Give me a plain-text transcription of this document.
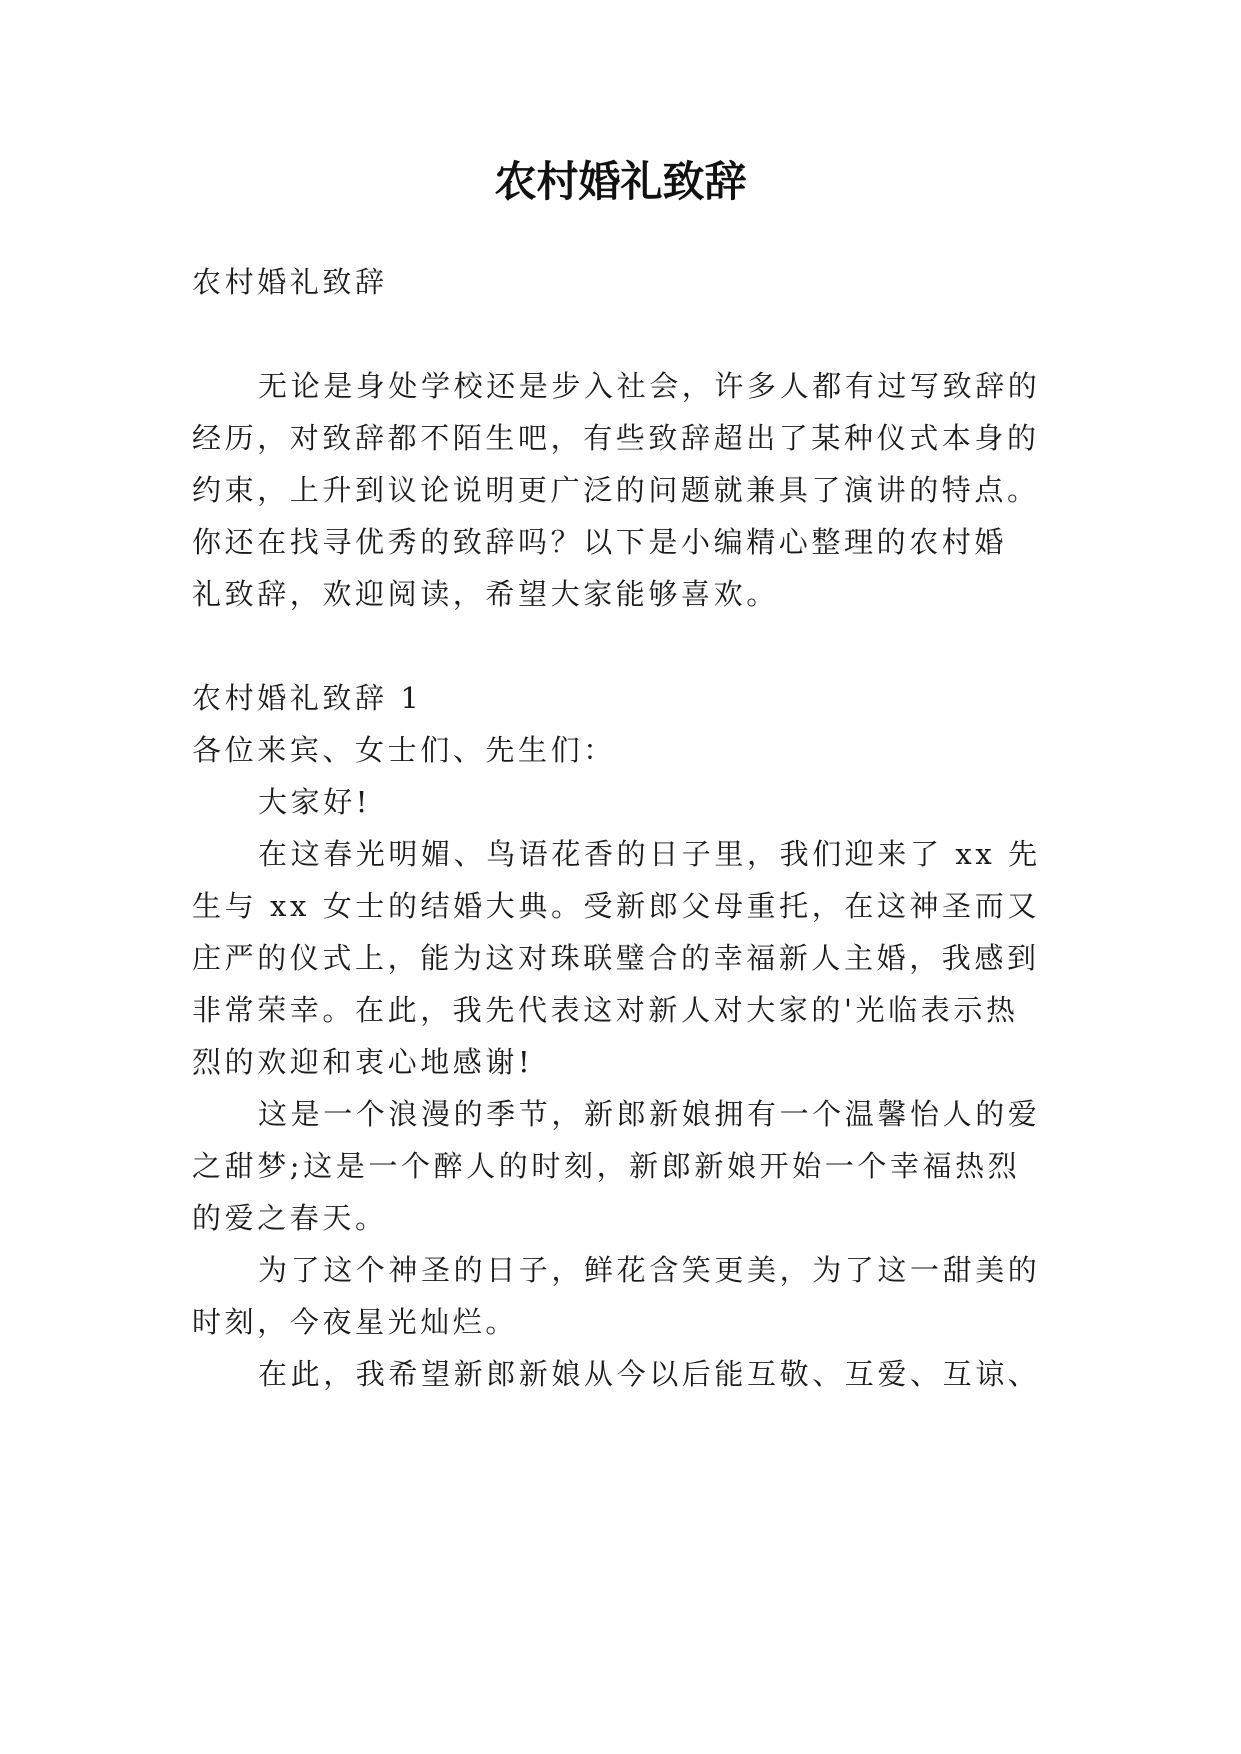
农村婚礼致辞

农村婚礼致辞

无论是身处学校还是步入社会，许多人都有过写致辞的

经历，对致辞都不陌生吧，有些致辞超出了某种仪式本身的

约束，上升到议论说明更广泛的问题就兼具了演讲的特点。

你还在找寻优秀的致辞吗？以下是小编精心整理的农村婚

礼致辞，欢迎阅读，希望大家能够喜欢。

农村婚礼致辞 1

各位来宾、女士们、先生们：

大家好!

在这春光明媚、鸟语花香的日子里，我们迎来了 xx 先

生与 xx 女士的结婚大典。受新郎父母重托，在这神圣而又

庄严的仪式上，能为这对珠联璧合的幸福新人主婚，我感到

非常荣幸。在此，我先代表这对新人对大家的'光临表示热

烈的欢迎和衷心地感谢!

这是一个浪漫的季节，新郎新娘拥有一个温馨怡人的爱

之甜梦;这是一个醉人的时刻，新郎新娘开始一个幸福热烈

的爱之春天。

为了这个神圣的日子，鲜花含笑更美，为了这一甜美的

时刻，今夜星光灿烂。

在此，我希望新郎新娘从今以后能互敬、互爱、互谅、
